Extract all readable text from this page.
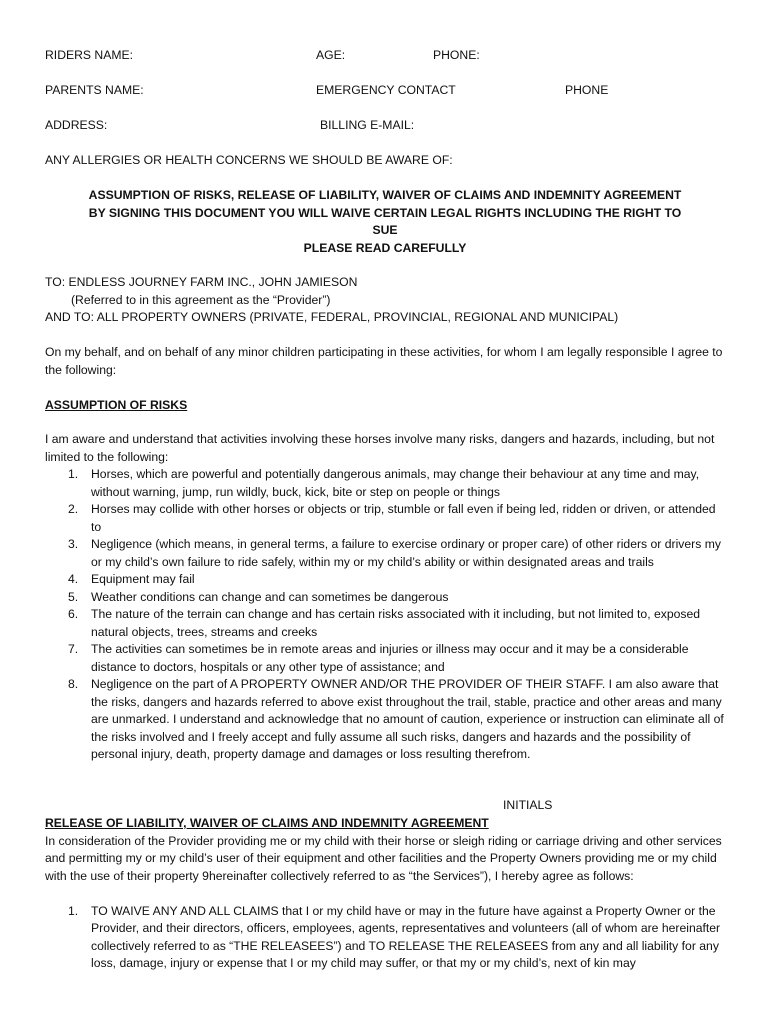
RIDERS NAME:	AGE:	PHONE:
PARENTS NAME:	EMERGENCY CONTACT	PHONE
ADDRESS:	BILLING E-MAIL:
ANY ALLERGIES OR HEALTH CONCERNS WE SHOULD BE AWARE OF:
ASSUMPTION OF RISKS, RELEASE OF LIABILITY, WAIVER OF CLAIMS AND INDEMNITY AGREEMENT
BY SIGNING THIS DOCUMENT YOU WILL WAIVE CERTAIN LEGAL RIGHTS INCLUDING THE RIGHT TO
SUE
PLEASE READ CAREFULLY
TO: ENDLESS JOURNEY FARM INC., JOHN JAMIESON
(Referred to in this agreement as the “Provider”)
AND TO: ALL PROPERTY OWNERS (PRIVATE, FEDERAL, PROVINCIAL, REGIONAL AND MUNICIPAL)

On my behalf, and on behalf of any minor children participating in these activities, for whom I am legally responsible I agree to the following:

ASSUMPTION OF RISKS

I am aware and understand that activities involving these horses involve many risks, dangers and hazards, including, but not limited to the following:

1. Horses, which are powerful and potentially dangerous animals, may change their behaviour at any time and may, without warning, jump, run wildly, buck, kick, bite or step on people or things
2. Horses may collide with other horses or objects or trip, stumble or fall even if being led, ridden or driven, or attended to
3. Negligence (which means, in general terms, a failure to exercise ordinary or proper care) of other riders or drivers my or my child’s own failure to ride safely, within my or my child’s ability or within designated areas and trails
4. Equipment may fail
5. Weather conditions can change and can sometimes be dangerous
6. The nature of the terrain can change and has certain risks associated with it including, but not limited to, exposed natural objects, trees, streams and creeks
7. The activities can sometimes be in remote areas and injuries or illness may occur and it may be a considerable distance to doctors, hospitals or any other type of assistance; and
8. Negligence on the part of A PROPERTY OWNER AND/OR THE PROVIDER OF THEIR STAFF. I am also aware that the risks, dangers and hazards referred to above exist throughout the trail, stable, practice and other areas and many are unmarked. I understand and acknowledge that no amount of caution, experience or instruction can eliminate all of the risks involved and I freely accept and fully assume all such risks, dangers and hazards and the possibility of personal injury, death, property damage and damages or loss resulting therefrom.
INITIALS
RELEASE OF LIABILITY, WAIVER OF CLAIMS AND INDEMNITY AGREEMENT

In consideration of the Provider providing me or my child with their horse or sleigh riding or carriage driving and other services and permitting my or my child’s user of their equipment and other facilities and the Property Owners providing me or my child with the use of their property 9hereinafter collectively referred to as “the Services”), I hereby agree as follows:

1. TO WAIVE ANY AND ALL CLAIMS that I or my child have or may in the future have against a Property Owner or the Provider, and their directors, officers, employees, agents, representatives and volunteers (all of whom are hereinafter collectively referred to as “THE RELEASEES”) and TO RELEASE THE RELEASEES from any and all liability for any loss, damage, injury or expense that I or my child may suffer, or that my or my child’s, next of kin may
